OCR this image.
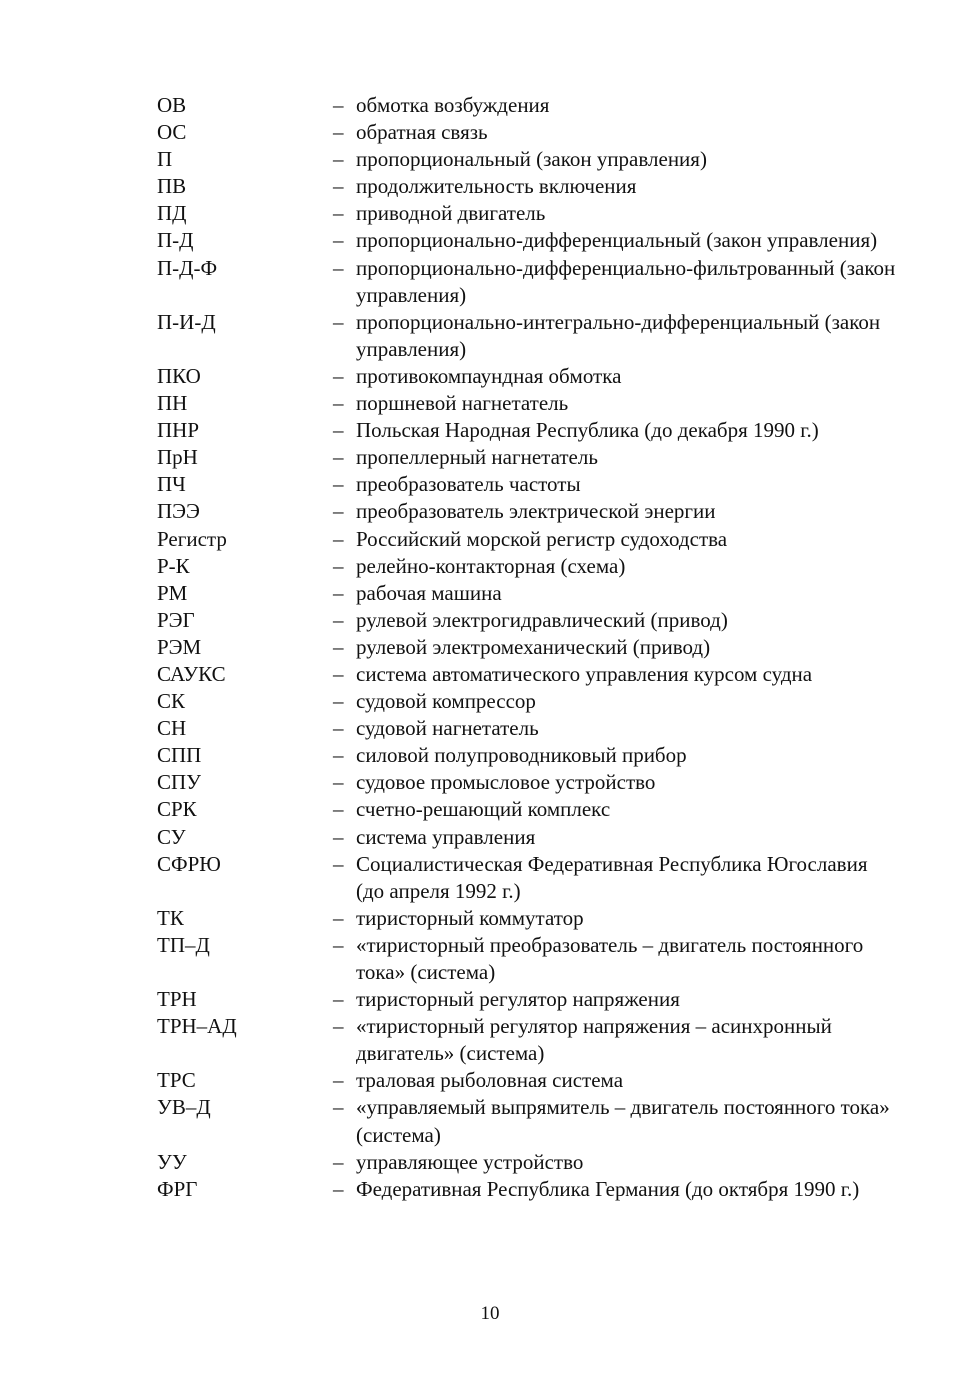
ОВ	– обмотка возбуждения
ОС	– обратная связь
П	– пропорциональный (закон управления)
ПВ	– продолжительность включения
ПД	– приводной двигатель
П-Д	– пропорционально-дифференциальный (закон управления)
П-Д-Ф	– пропорционально-дифференциально-фильтрованный (закон управления)
П-И-Д	– пропорционально-интегрально-дифференциальный (закон управления)
ПКО	– противокомпаундная обмотка
ПН	– поршневой нагнетатель
ПНР	– Польская Народная Республика (до декабря 1990 г.)
ПрН	– пропеллерный нагнетатель
ПЧ	– преобразователь частоты
ПЭЭ	– преобразователь электрической энергии
Регистр	– Российский морской регистр судоходства
Р-К	– релейно-контакторная (схема)
РМ	– рабочая машина
РЭГ	– рулевой электрогидравлический (привод)
РЭМ	– рулевой электромеханический (привод)
САУКС	– система автоматического управления курсом судна
СК	– судовой компрессор
СН	– судовой нагнетатель
СПП	– силовой полупроводниковый прибор
СПУ	– судовое промысловое устройство
СРК	– счетно-решающий комплекс
СУ	– система управления
СФРЮ	– Социалистическая Федеративная Республика Югославия (до апреля 1992 г.)
ТК	– тиристорный коммутатор
ТП–Д	– «тиристорный преобразователь – двигатель постоянного тока» (система)
ТРН	– тиристорный регулятор напряжения
ТРН–АД	– «тиристорный регулятор напряжения – асинхронный двигатель» (система)
ТРС	– траловая рыболовная система
УВ–Д	– «управляемый выпрямитель – двигатель постоянного тока» (система)
УУ	– управляющее устройство
ФРГ	– Федеративная Республика Германия (до октября 1990 г.)
10
